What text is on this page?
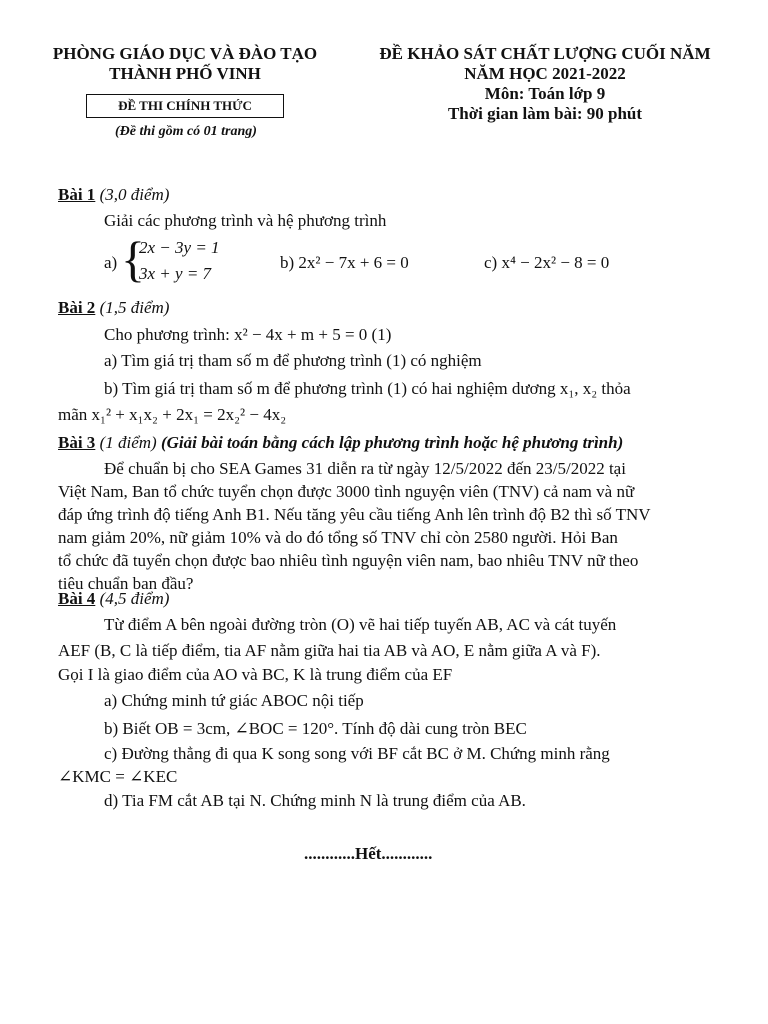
PHÒNG GIÁO DỤC VÀ ĐÀO TẠO
THÀNH PHỐ VINH
ĐỀ THI CHÍNH THỨC
(Đề thi gồm có 01 trang)
ĐỀ KHẢO SÁT CHẤT LƯỢNG CUỐI NĂM
NĂM HỌC 2021-2022
Môn: Toán lớp 9
Thời gian làm bài: 90 phút
Bài 1 (3,0 điểm)
Giải các phương trình và hệ phương trình
a) {
2x − 3y = 1
3x + y = 7
b) 2x² − 7x + 6 = 0	c) x⁴ − 2x² − 8 = 0
Bài 2 (1,5 điểm)
Cho phương trình: x² − 4x + m + 5 = 0 (1)
a) Tìm giá trị tham số m để phương trình (1) có nghiệm
b) Tìm giá trị tham số m để phương trình (1) có hai nghiệm dương x₁, x₂ thỏa
mãn x₁² + x₁x₂ + 2x₁ = 2x₂² − 4x₂
Bài 3 (1 điểm) (Giải bài toán bằng cách lập phương trình hoặc hệ phương trình)
Để chuẩn bị cho SEA Games 31 diễn ra từ ngày 12/5/2022 đến 23/5/2022 tại
Việt Nam, Ban tổ chức tuyển chọn được 3000 tình nguyện viên (TNV) cả nam và nữ
đáp ứng trình độ tiếng Anh B1. Nếu tăng yêu cầu tiếng Anh lên trình độ B2 thì số TNV
nam giảm 20%, nữ giảm 10% và do đó tổng số TNV chỉ còn 2580 người. Hỏi Ban
tổ chức đã tuyển chọn được bao nhiêu tình nguyện viên nam, bao nhiêu TNV nữ theo
tiêu chuẩn ban đầu?
Bài 4 (4,5 điểm)
Từ điểm A bên ngoài đường tròn (O) vẽ hai tiếp tuyến AB, AC và cát tuyến
AEF (B, C là tiếp điểm, tia AF nằm giữa hai tia AB và AO, E nằm giữa A và F).
Gọi I là giao điểm của AO và BC, K là trung điểm của EF
a) Chứng minh tứ giác ABOC nội tiếp
b) Biết OB = 3cm, ∠BOC = 120°. Tính độ dài cung tròn BEC
c) Đường thẳng đi qua K song song với BF cắt BC ở M. Chứng minh rằng
∠KMC = ∠KEC
d) Tia FM cắt AB tại N. Chứng minh N là trung điểm của AB.
............Hết............
